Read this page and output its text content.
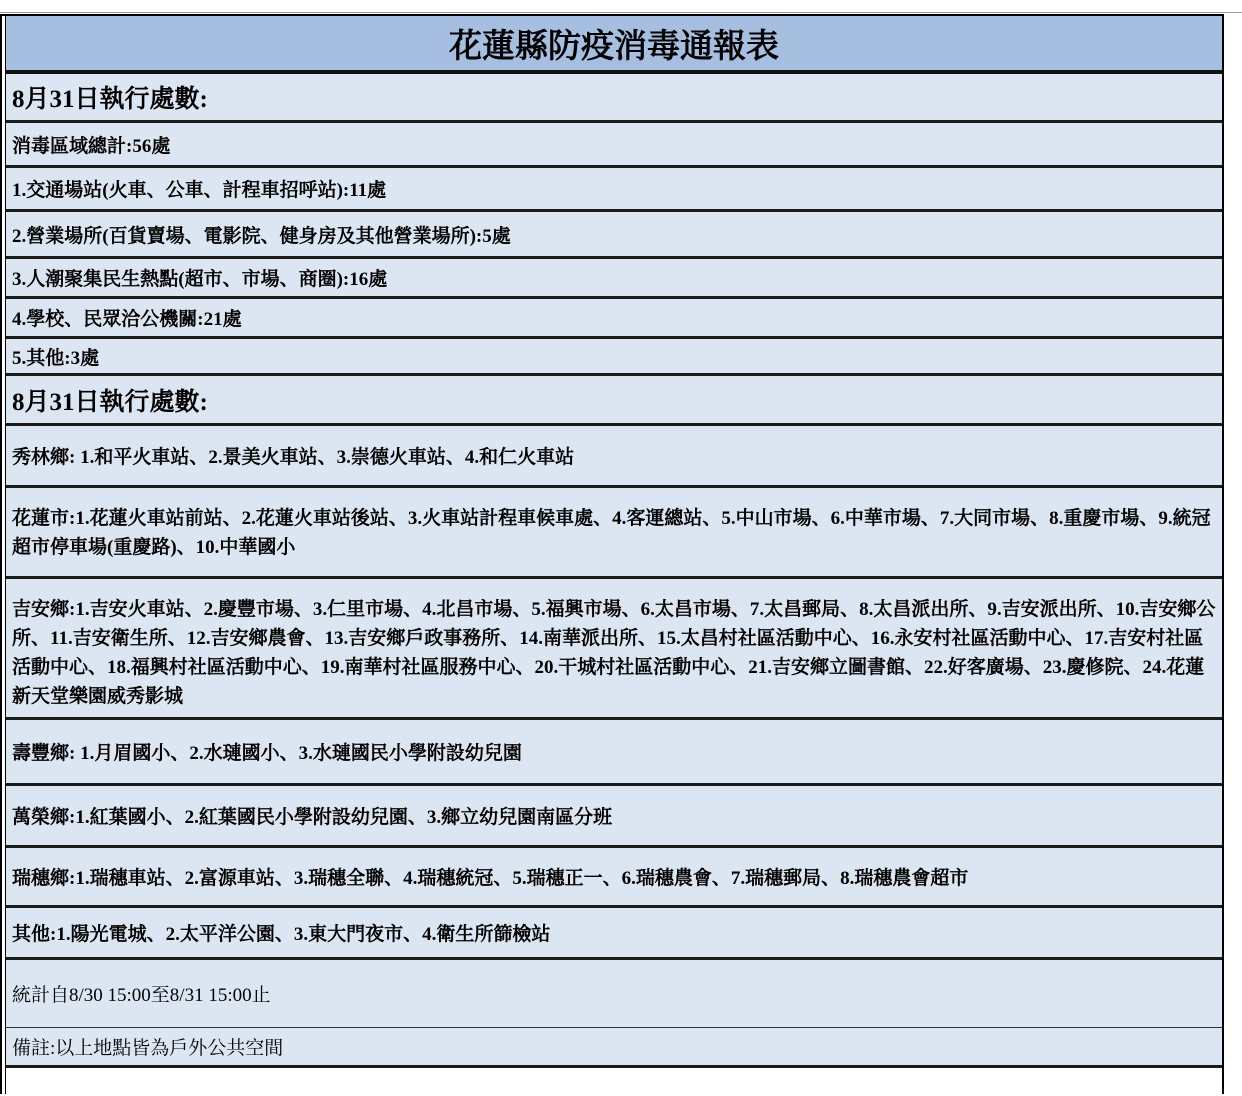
花蓮縣防疫消毒通報表
8月31日執行處數:
消毒區域總計:56處
1.交通場站(火車、公車、計程車招呼站):11處
2.營業場所(百貨賣場、電影院、健身房及其他營業場所):5處
3.人潮聚集民生熱點(超市、市場、商圈):16處
4.學校、民眾洽公機關:21處
5.其他:3處
8月31日執行處數:
秀林鄉: 1.和平火車站、2.景美火車站、3.崇德火車站、4.和仁火車站
花蓮市:1.花蓮火車站前站、2.花蓮火車站後站、3.火車站計程車候車處、4.客運總站、5.中山市場、6.中華市場、7.大同市場、8.重慶市場、9.統冠超市停車場(重慶路)、10.中華國小
吉安鄉:1.吉安火車站、2.慶豐市場、3.仁里市場、4.北昌市場、5.福興市場、6.太昌市場、7.太昌郵局、8.太昌派出所、9.吉安派出所、10.吉安鄉公所、11.吉安衛生所、12.吉安鄉農會、13.吉安鄉戶政事務所、14.南華派出所、15.太昌村社區活動中心、16.永安村社區活動中心、17.吉安村社區活動中心、18.福興村社區活動中心、19.南華村社區服務中心、20.干城村社區活動中心、21.吉安鄉立圖書館、22.好客廣場、23.慶修院、24.花蓮新天堂樂園威秀影城
壽豐鄉: 1.月眉國小、2.水璉國小、3.水璉國民小學附設幼兒園
萬榮鄉:1.紅葉國小、2.紅葉國民小學附設幼兒園、3.鄉立幼兒園南區分班
瑞穗鄉:1.瑞穗車站、2.富源車站、3.瑞穗全聯、4.瑞穗統冠、5.瑞穗正一、6.瑞穗農會、7.瑞穗郵局、8.瑞穗農會超市
其他:1.陽光電城、2.太平洋公園、3.東大門夜市、4.衛生所篩檢站
統計自8/30 15:00至8/31 15:00止
備註:以上地點皆為戶外公共空間
